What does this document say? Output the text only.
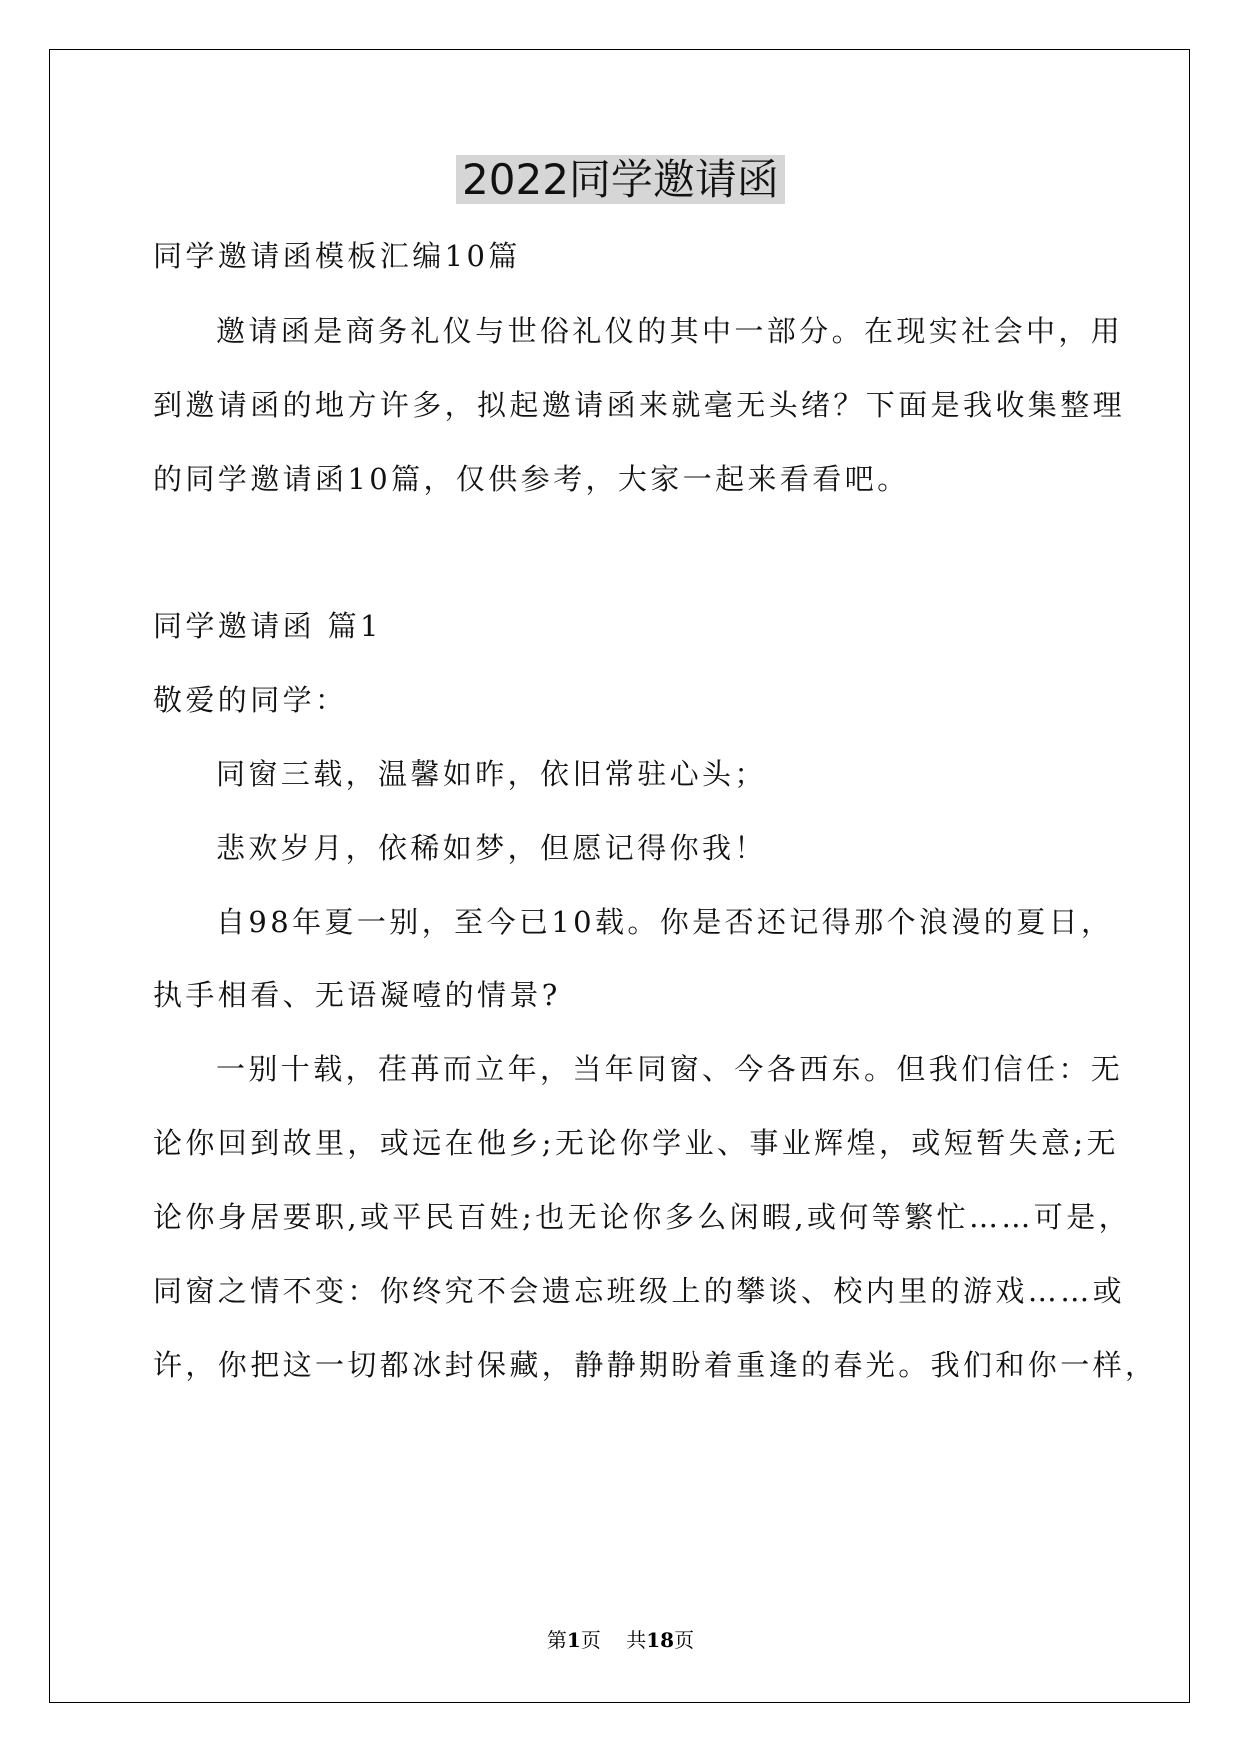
2022同学邀请函
同学邀请函模板汇编10篇
邀请函是商务礼仪与世俗礼仪的其中一部分。在现实社会中，用
到邀请函的地方许多，拟起邀请函来就毫无头绪？下面是我收集整理
的同学邀请函10篇，仅供参考，大家一起来看看吧。
同学邀请函 篇1
敬爱的同学：
同窗三载，温馨如昨，依旧常驻心头；
悲欢岁月，依稀如梦，但愿记得你我！
自98年夏一别，至今已10载。你是否还记得那个浪漫的夏日，
执手相看、无语凝噎的情景?
一别十载，荏苒而立年，当年同窗、今各西东。但我们信任：无
论你回到故里，或远在他乡;无论你学业、事业辉煌，或短暂失意;无
论你身居要职,或平民百姓;也无论你多么闲暇,或何等繁忙……可是，
同窗之情不变：你终究不会遗忘班级上的攀谈、校内里的游戏……或
许，你把这一切都冰封保藏，静静期盼着重逢的春光。我们和你一样，
第1页 共18页
